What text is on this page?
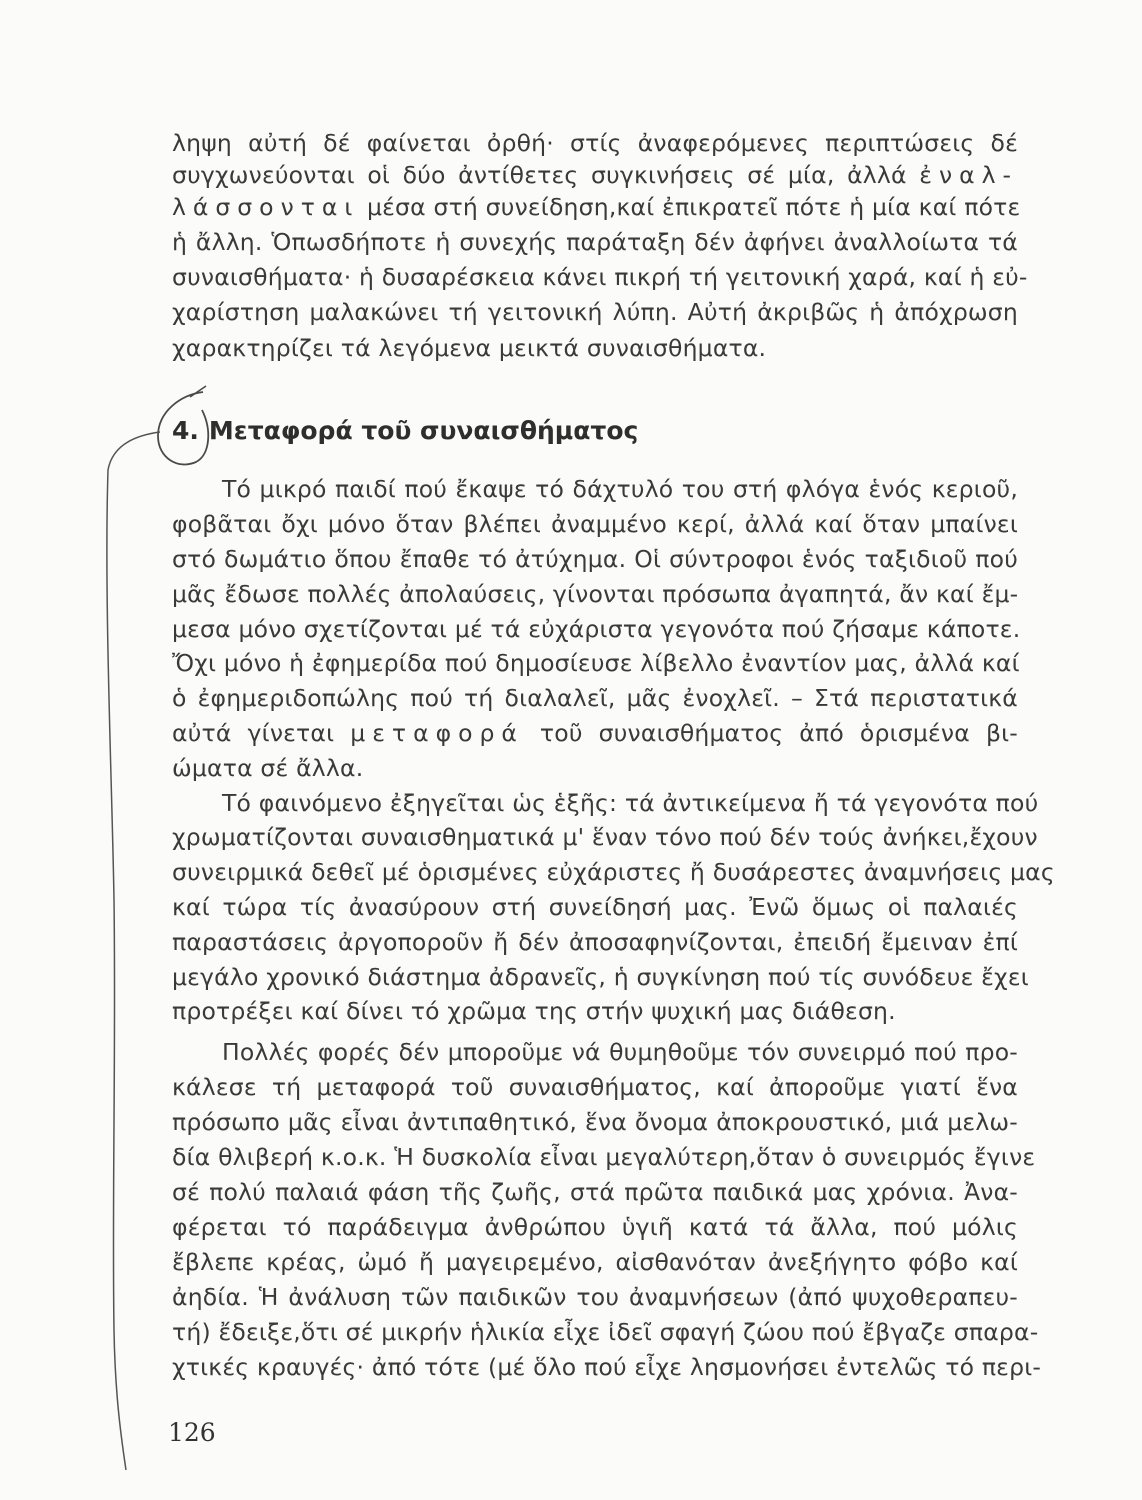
ληψη αὐτή δέ φαίνεται ὀρθή· στίς ἀναφερόμενες περιπτώσεις δέ
συγχωνεύονται οἱ δύο ἀντίθετες συγκινήσεις σέ μία, ἀλλά ἐναλ-
λάσσονται μέσα στή συνείδηση,καί ἐπικρατεῖ πότε ἡ μία καί πότε
ἡ ἄλλη. Ὁπωσδήποτε ἡ συνεχής παράταξη δέν ἀφήνει ἀναλλοίωτα τά
συναισθήματα· ἡ δυσαρέσκεια κάνει πικρή τή γειτονική χαρά, καί ἡ εὐ-
χαρίστηση μαλακώνει τή γειτονική λύπη. Αὐτή ἀκριβῶς ἡ ἀπόχρωση
χαρακτηρίζει τά λεγόμενα μεικτά συναισθήματα.
4. Μεταφορά τοῦ συναισθήματος
Τό μικρό παιδί πού ἔκαψε τό δάχτυλό του στή φλόγα ἑνός κεριοῦ,
φοβᾶται ὄχι μόνο ὅταν βλέπει ἀναμμένο κερί, ἀλλά καί ὅταν μπαίνει
στό δωμάτιο ὅπου ἔπαθε τό ἀτύχημα. Οἱ σύντροφοι ἑνός ταξιδιοῦ πού
μᾶς ἔδωσε πολλές ἀπολαύσεις, γίνονται πρόσωπα ἀγαπητά, ἄν καί ἔμ-
μεσα μόνο σχετίζονται μέ τά εὐχάριστα γεγονότα πού ζήσαμε κάποτε.
Ὄχι μόνο ἡ ἐφημερίδα πού δημοσίευσε λίβελλο ἐναντίον μας, ἀλλά καί
ὁ ἐφημεριδοπώλης πού τή διαλαλεῖ, μᾶς ἐνοχλεῖ. – Στά περιστατικά
αὐτά γίνεται μεταφορά τοῦ συναισθήματος ἀπό ὁρισμένα βι-
ώματα σέ ἄλλα.
Τό φαινόμενο ἐξηγεῖται ὡς ἑξῆς: τά ἀντικείμενα ἤ τά γεγονότα πού
χρωματίζονται συναισθηματικά μ' ἕναν τόνο πού δέν τούς ἀνήκει,ἔχουν
συνειρμικά δεθεῖ μέ ὁρισμένες εὐχάριστες ἤ δυσάρεστες ἀναμνήσεις μας
καί τώρα τίς ἀνασύρουν στή συνείδησή μας. Ἐνῶ ὅμως οἱ παλαιές
παραστάσεις ἀργοποροῦν ἤ δέν ἀποσαφηνίζονται, ἐπειδή ἔμειναν ἐπί
μεγάλο χρονικό διάστημα ἀδρανεῖς, ἡ συγκίνηση πού τίς συνόδευε ἔχει
προτρέξει καί δίνει τό χρῶμα της στήν ψυχική μας διάθεση.
Πολλές φορές δέν μποροῦμε νά θυμηθοῦμε τόν συνειρμό πού προ-
κάλεσε τή μεταφορά τοῦ συναισθήματος, καί ἀποροῦμε γιατί ἕνα
πρόσωπο μᾶς εἶναι ἀντιπαθητικό, ἕνα ὄνομα ἀποκρουστικό, μιά μελω-
δία θλιβερή κ.ο.κ. Ἡ δυσκολία εἶναι μεγαλύτερη,ὅταν ὁ συνειρμός ἔγινε
σέ πολύ παλαιά φάση τῆς ζωῆς, στά πρῶτα παιδικά μας χρόνια. Ἀνα-
φέρεται τό παράδειγμα ἀνθρώπου ὑγιῆ κατά τά ἄλλα, πού μόλις
ἔβλεπε κρέας, ὠμό ἤ μαγειρεμένο, αἰσθανόταν ἀνεξήγητο φόβο καί
ἀηδία. Ἡ ἀνάλυση τῶν παιδικῶν του ἀναμνήσεων (ἀπό ψυχοθεραπευ-
τή) ἔδειξε,ὅτι σέ μικρήν ἡλικία εἶχε ἰδεῖ σφαγή ζώου πού ἔβγαζε σπαρα-
χτικές κραυγές· ἀπό τότε (μέ ὅλο πού εἶχε λησμονήσει ἐντελῶς τό περι-
126
